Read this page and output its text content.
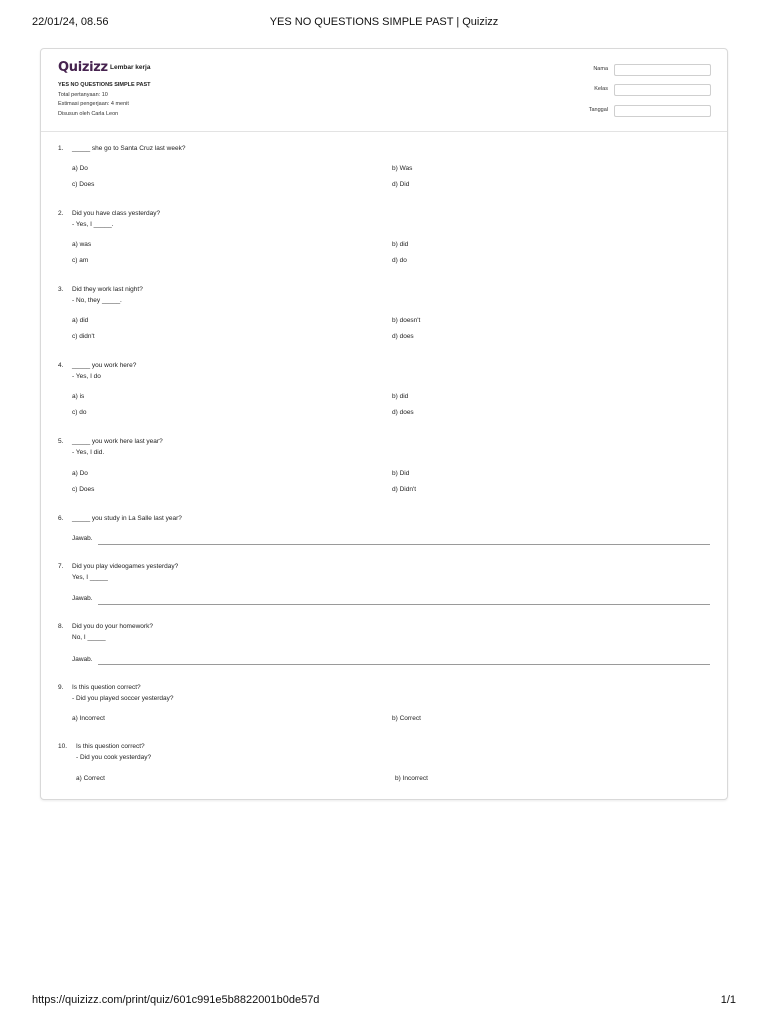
22/01/24, 08.56	YES NO QUESTIONS SIMPLE PAST | Quizizz
Quizizz Lembar kerja
YES NO QUESTIONS SIMPLE PAST
Total pertanyaan: 10
Estimasi pengerjaan: 4 menit
Disusun oleh Carla Leon
Nama
Kelas
Tanggal
1. _____ she go to Santa Cruz last week?
a) Do	b) Was
c) Does	d) Did
2. Did you have class yesterday?
- Yes, I _____.
a) was	b) did
c) am	d) do
3. Did they work last night?
- No, they _____.
a) did	b) doesn't
c) didn't	d) does
4. _____ you work here?
- Yes, I do
a) is	b) did
c) do	d) does
5. _____ you work here last year?
- Yes, I did.
a) Do	b) Did
c) Does	d) Didn't
6. _____ you study in La Salle last year?
Jawab.
7. Did you play videogames yesterday?
Yes, I _____
Jawab.
8. Did you do your homework?
No, I _____
Jawab.
9. Is this question correct?
- Did you played soccer yesterday?
a) Incorrect	b) Correct
10. Is this question correct?
- Did you cook yesterday?
a) Correct	b) Incorrect
https://quizizz.com/print/quiz/601c991e5b8822001b0de57d	1/1
